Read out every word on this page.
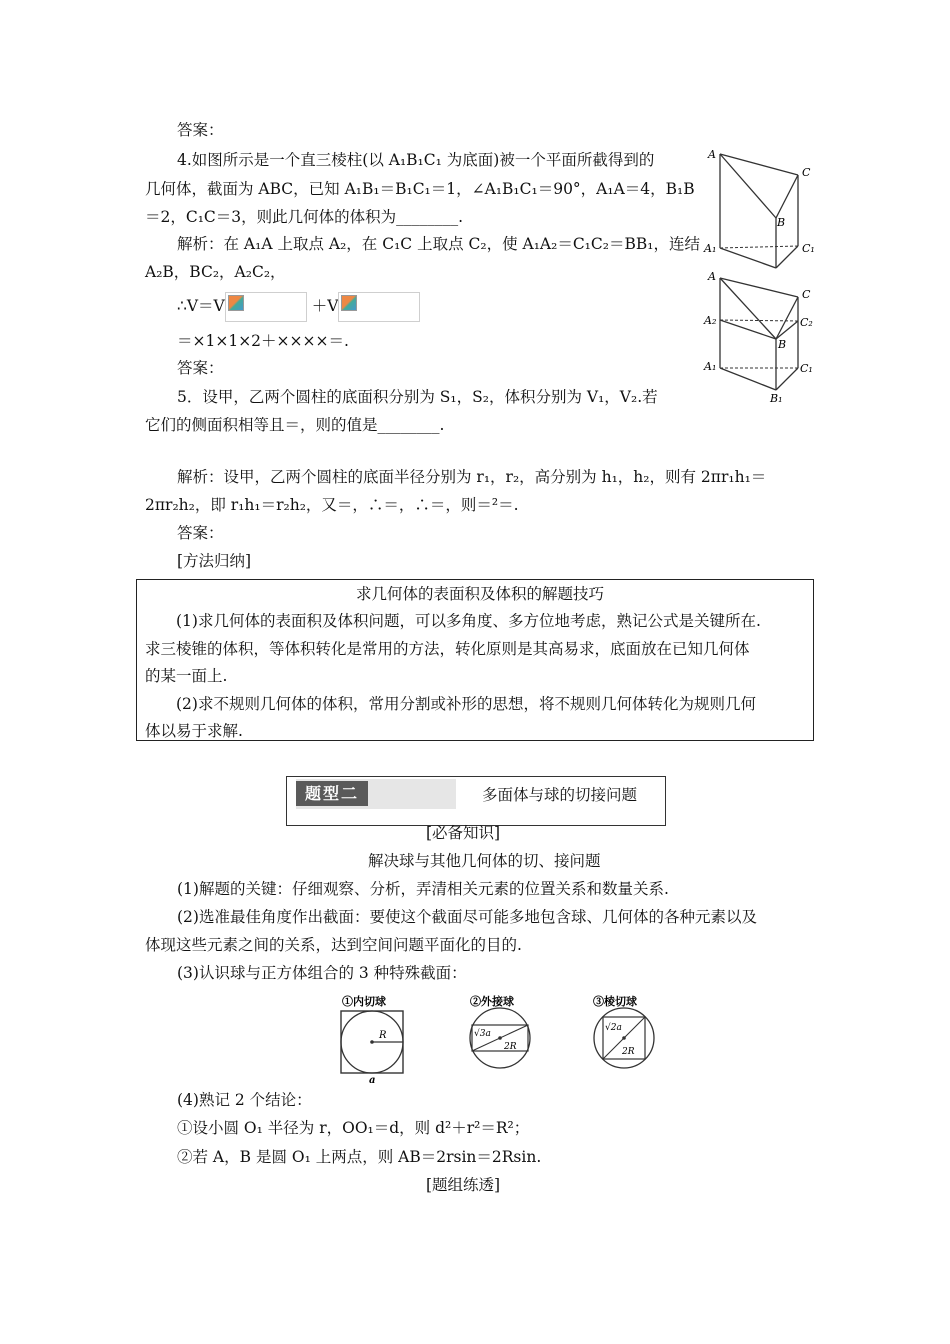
答案：
4.如图所示是一个直三棱柱(以 A₁B₁C₁ 为底面)被一个平面所截得到的
几何体，截面为 ABC，已知 A₁B₁＝B₁C₁＝1，∠A₁B₁C₁＝90°，A₁A＝4，B₁B
＝2，C₁C＝3，则此几何体的体积为________.
解析：在 A₁A 上取点 A₂，在 C₁C 上取点 C₂，使 A₁A₂＝C₁C₂＝BB₁，连结
A₂B，BC₂，A₂C₂，
∴V＝V	＋V
＝×1×1×2＋××××＝.
答案：
5．设甲，乙两个圆柱的底面积分别为 S₁，S₂，体积分别为 V₁，V₂.若
它们的侧面积相等且＝，则的值是________.
解析：设甲，乙两个圆柱的底面半径分别为 r₁，r₂，高分别为 h₁，h₂，则有 2πr₁h₁＝
2πr₂h₂，即 r₁h₁＝r₂h₂，又＝，∴＝，∴＝，则＝²＝.
答案：
[方法归纳]
求几何体的表面积及体积的解题技巧
(1)求几何体的表面积及体积问题，可以多角度、多方位地考虑，熟记公式是关键所在.
求三棱锥的体积，等体积转化是常用的方法，转化原则是其高易求，底面放在已知几何体
的某一面上.
(2)求不规则几何体的体积，常用分割或补形的思想，将不规则几何体转化为规则几何
体以易于求解.
题型二	多面体与球的切接问题
[必备知识]
解决球与其他几何体的切、接问题
(1)解题的关键：仔细观察、分析，弄清相关元素的位置关系和数量关系.
(2)选准最佳角度作出截面：要使这个截面尽可能多地包含球、几何体的各种元素以及
体现这些元素之间的关系，达到空间问题平面化的目的.
(3)认识球与正方体组合的 3 种特殊截面：
(4)熟记 2 个结论：
①设小圆 O₁ 半径为 r，OO₁＝d，则 d²＋r²＝R²；
②若 A，B 是圆 O₁ 上两点，则 AB＝2rsin＝2Rsin.
[题组练透]
A
C
B
A₁	C₁
A
C
A₂	C₂
B
A₁	C₁
B₁
①内切球
R
a
②外接球
√3a
2R
③棱切球
√2a
2R
